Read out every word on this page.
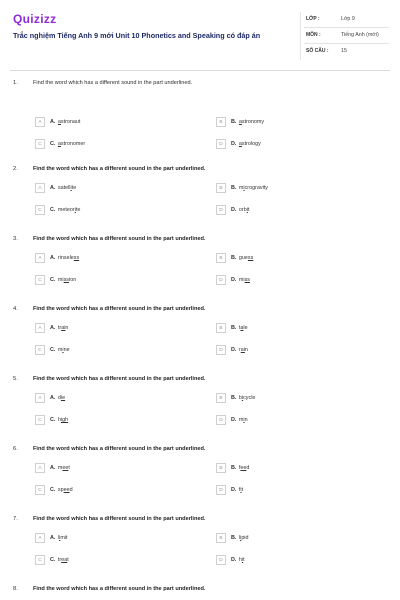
Quizizz
Trắc nghiệm Tiếng Anh 9 mới Unit 10 Phonetics and Speaking có đáp án
LỚP :	Lớp 9
MÔN :	Tiếng Anh (mới)
SỐ CÂU : 15
1.	Find the word which has a different sound in the part underlined.
A	A. astronaut	B	B. astronomy
C	C. astronomer	D	D. astrology
2.	Find the word which has a different sound in the part underlined.
A	A. satellite	B	B. microgravity
C	C. meteorite	D	D. orbit
3.	Find the word which has a different sound in the part underlined.
A	A. rinseless	B	B. guess
C	C. mission	D	D. miss
4.	Find the word which has a different sound in the part underlined.
A	A. train	B	B. tale
C	C. mine	D	D. rain
5.	Find the word which has a different sound in the part underlined.
A	A. die	B	B. bicycle
C	C. high	D	D. min
6.	Find the word which has a different sound in the part underlined.
A	A. meet	B	B. feed
C	C. speed	D	D. fit
7.	Find the word which has a different sound in the part underlined.
A	A. limit	B	B. lipid
C	C. treat	D	D. hit
8.	Find the word which has a different sound in the part underlined.
